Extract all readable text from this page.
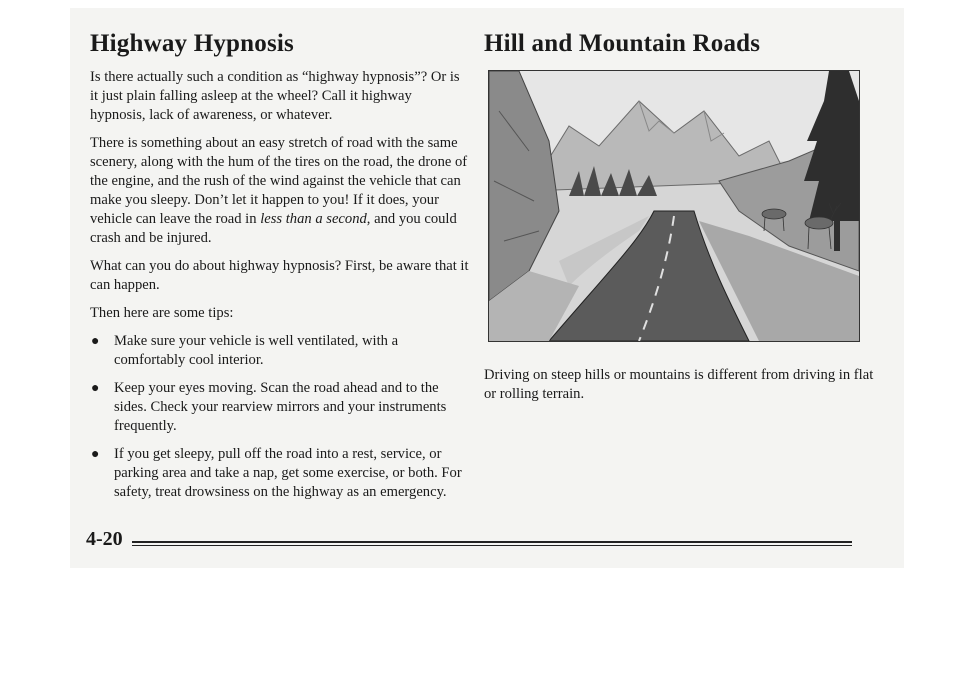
Highway Hypnosis

Is there actually such a condition as “highway hypnosis”? Or is it just plain falling asleep at the wheel? Call it highway hypnosis, lack of awareness, or whatever.

There is something about an easy stretch of road with the same scenery, along with the hum of the tires on the road, the drone of the engine, and the rush of the wind against the vehicle that can make you sleepy. Don’t let it happen to you! If it does, your vehicle can leave the road in less than a second, and you could crash and be injured.

What can you do about highway hypnosis? First, be aware that it can happen.

Then here are some tips:

● Make sure your vehicle is well ventilated, with a comfortably cool interior.
● Keep your eyes moving. Scan the road ahead and to the sides. Check your rearview mirrors and your instruments frequently.
● If you get sleepy, pull off the road into a rest, service, or parking area and take a nap, get some exercise, or both. For safety, treat drowsiness on the highway as an emergency.
Hill and Mountain Roads

Driving on steep hills or mountains is different from driving in flat or rolling terrain.

4-20
